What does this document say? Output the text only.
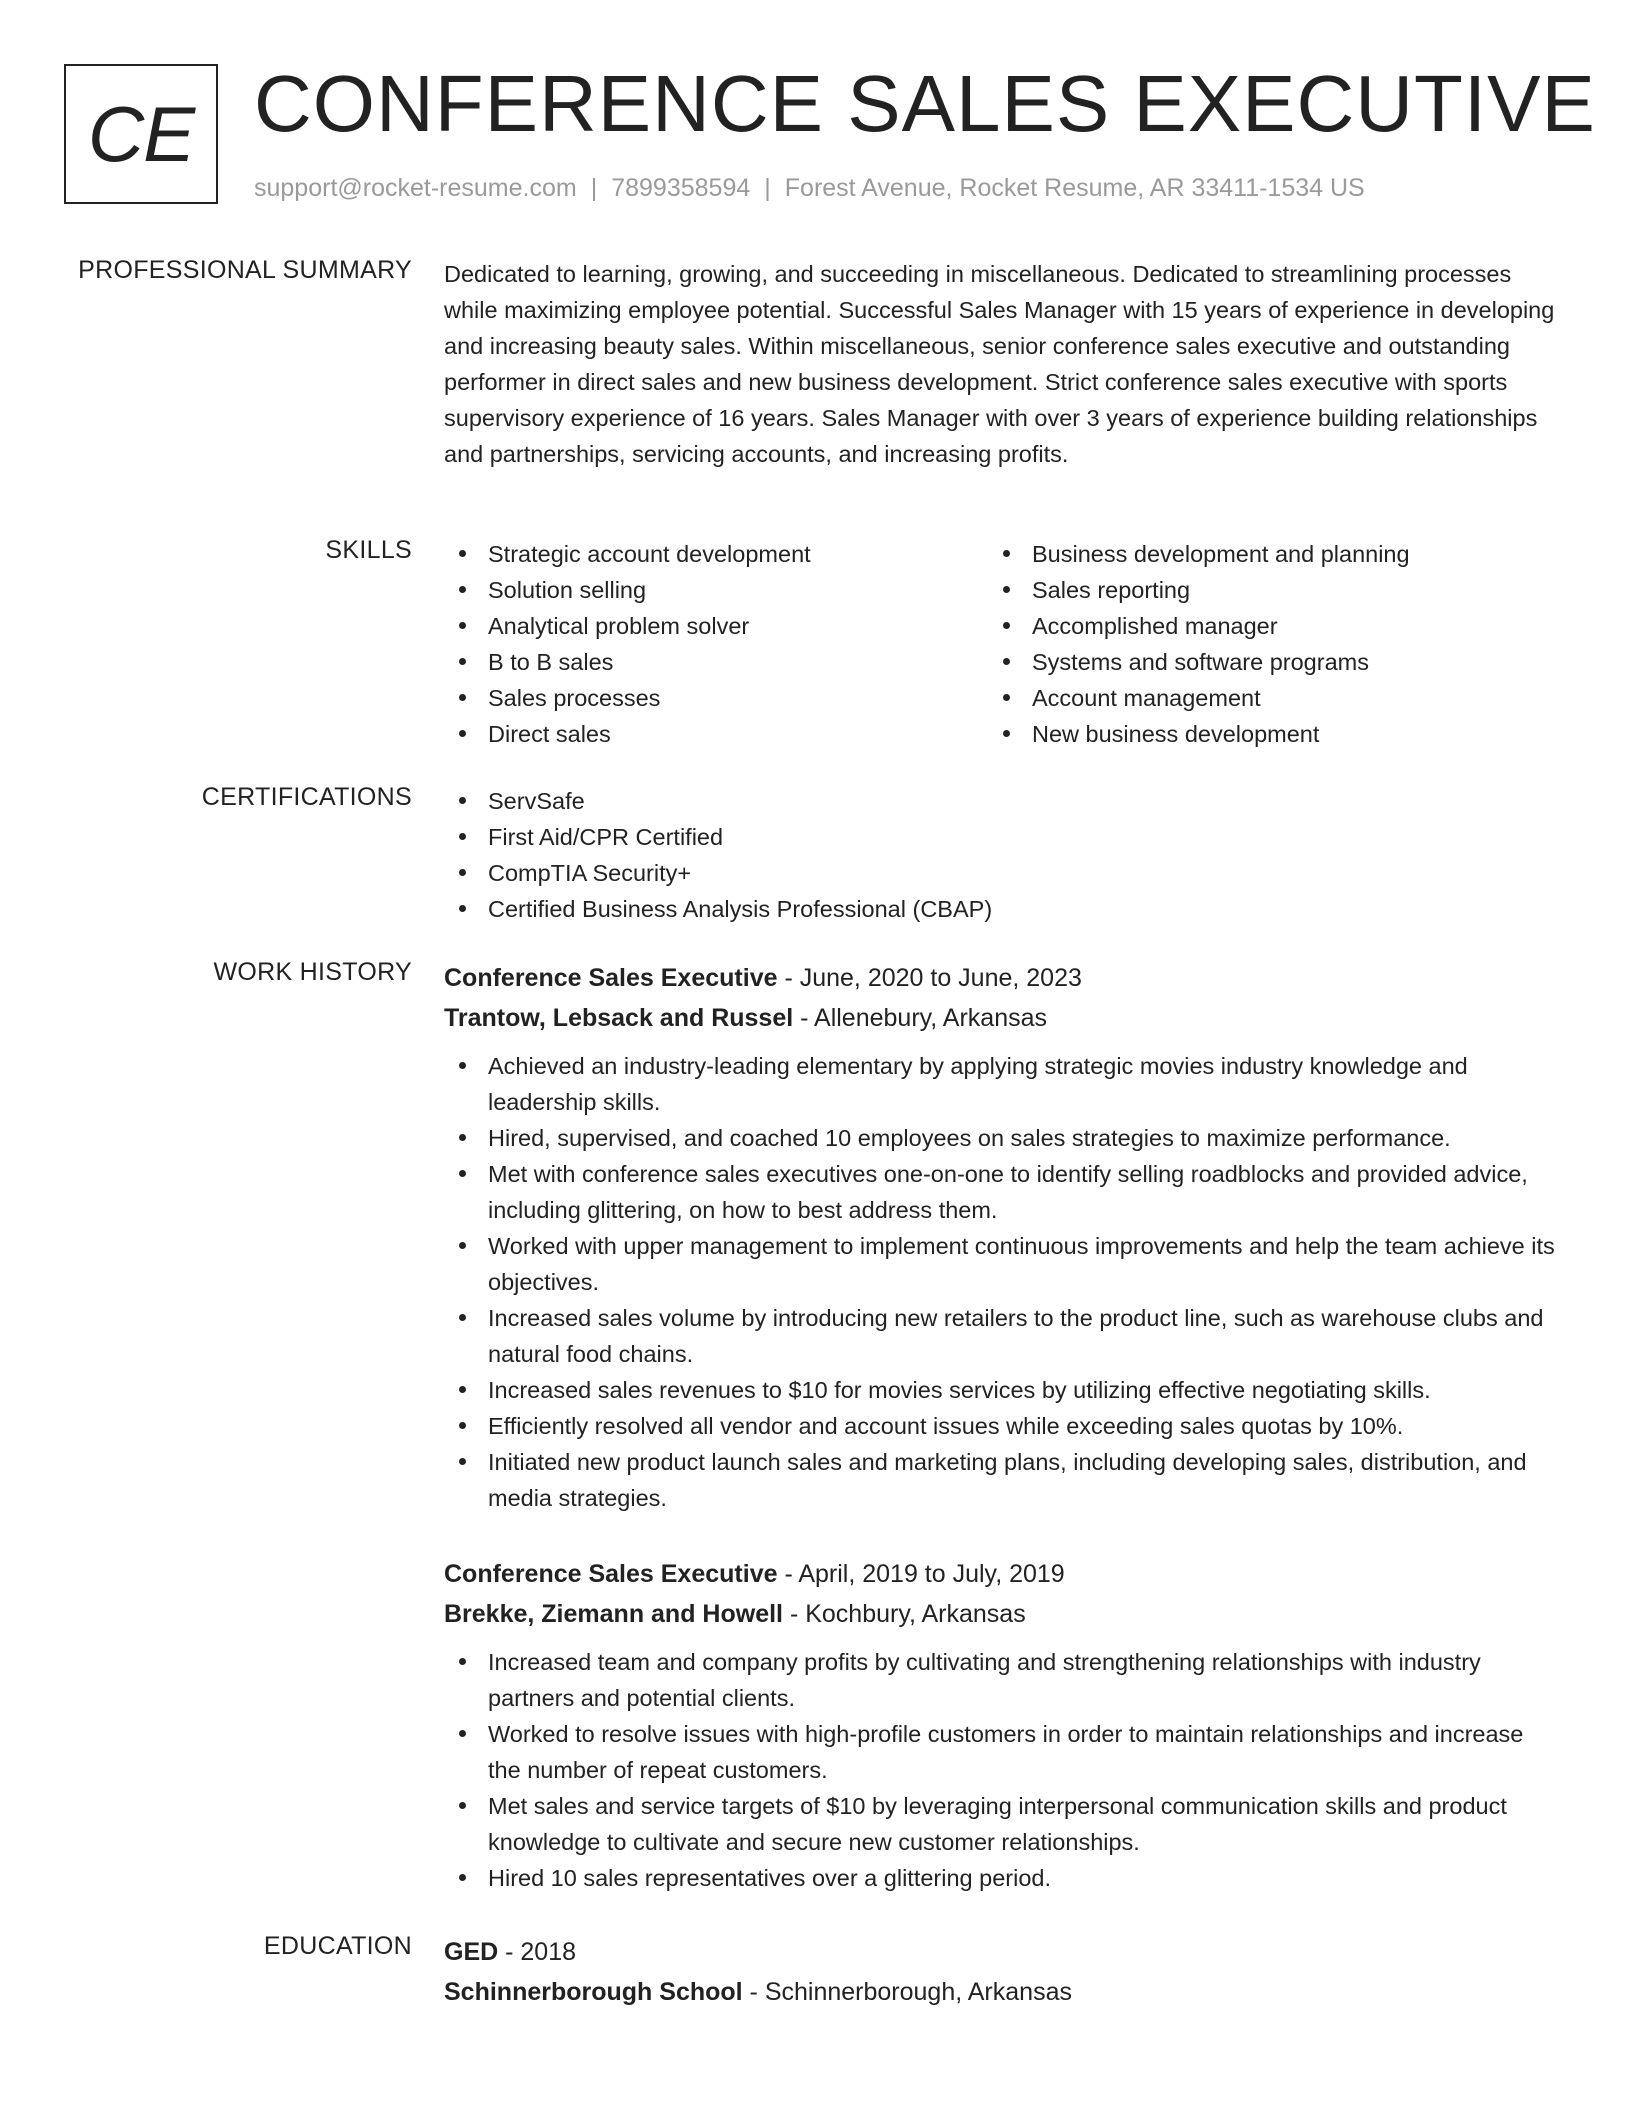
CE CONFERENCE SALES EXECUTIVE
support@rocket-resume.com | 7899358594 | Forest Avenue, Rocket Resume, AR 33411-1534 US
PROFESSIONAL SUMMARY Dedicated to learning, growing, and succeeding in miscellaneous. Dedicated to streamlining processes while maximizing employee potential. Successful Sales Manager with 15 years of experience in developing and increasing beauty sales. Within miscellaneous, senior conference sales executive and outstanding performer in direct sales and new business development. Strict conference sales executive with sports supervisory experience of 16 years. Sales Manager with over 3 years of experience building relationships and partnerships, servicing accounts, and increasing profits.

SKILLS	Strategic account development
Solution selling
Analytical problem solver
B to B sales
Sales processes
Direct sales
Business development and planning
Sales reporting
Accomplished manager
Systems and software programs
Account management
New business development
CERTIFICATIONS	ServSafe
First Aid/CPR Certified
CompTIA Security+
Certified Business Analysis Professional (CBAP)
WORK HISTORY Conference Sales Executive - June, 2020 to June, 2023
Trantow, Lebsack and Russel - Allenebury, Arkansas
Achieved an industry-leading elementary by applying strategic movies industry knowledge and leadership skills.
Hired, supervised, and coached 10 employees on sales strategies to maximize performance.
Met with conference sales executives one-on-one to identify selling roadblocks and provided advice, including glittering, on how to best address them.
Worked with upper management to implement continuous improvements and help the team achieve its objectives.
Increased sales volume by introducing new retailers to the product line, such as warehouse clubs and natural food chains.
Increased sales revenues to $10 for movies services by utilizing effective negotiating skills.
Efficiently resolved all vendor and account issues while exceeding sales quotas by 10%.
Initiated new product launch sales and marketing plans, including developing sales, distribution, and media strategies.
Conference Sales Executive - April, 2019 to July, 2019
Brekke, Ziemann and Howell - Kochbury, Arkansas
Increased team and company profits by cultivating and strengthening relationships with industry partners and potential clients.
Worked to resolve issues with high-profile customers in order to maintain relationships and increase the number of repeat customers.
Met sales and service targets of $10 by leveraging interpersonal communication skills and product knowledge to cultivate and secure new customer relationships.
Hired 10 sales representatives over a glittering period.
EDUCATION GED - 2018
Schinnerborough School - Schinnerborough, Arkansas
